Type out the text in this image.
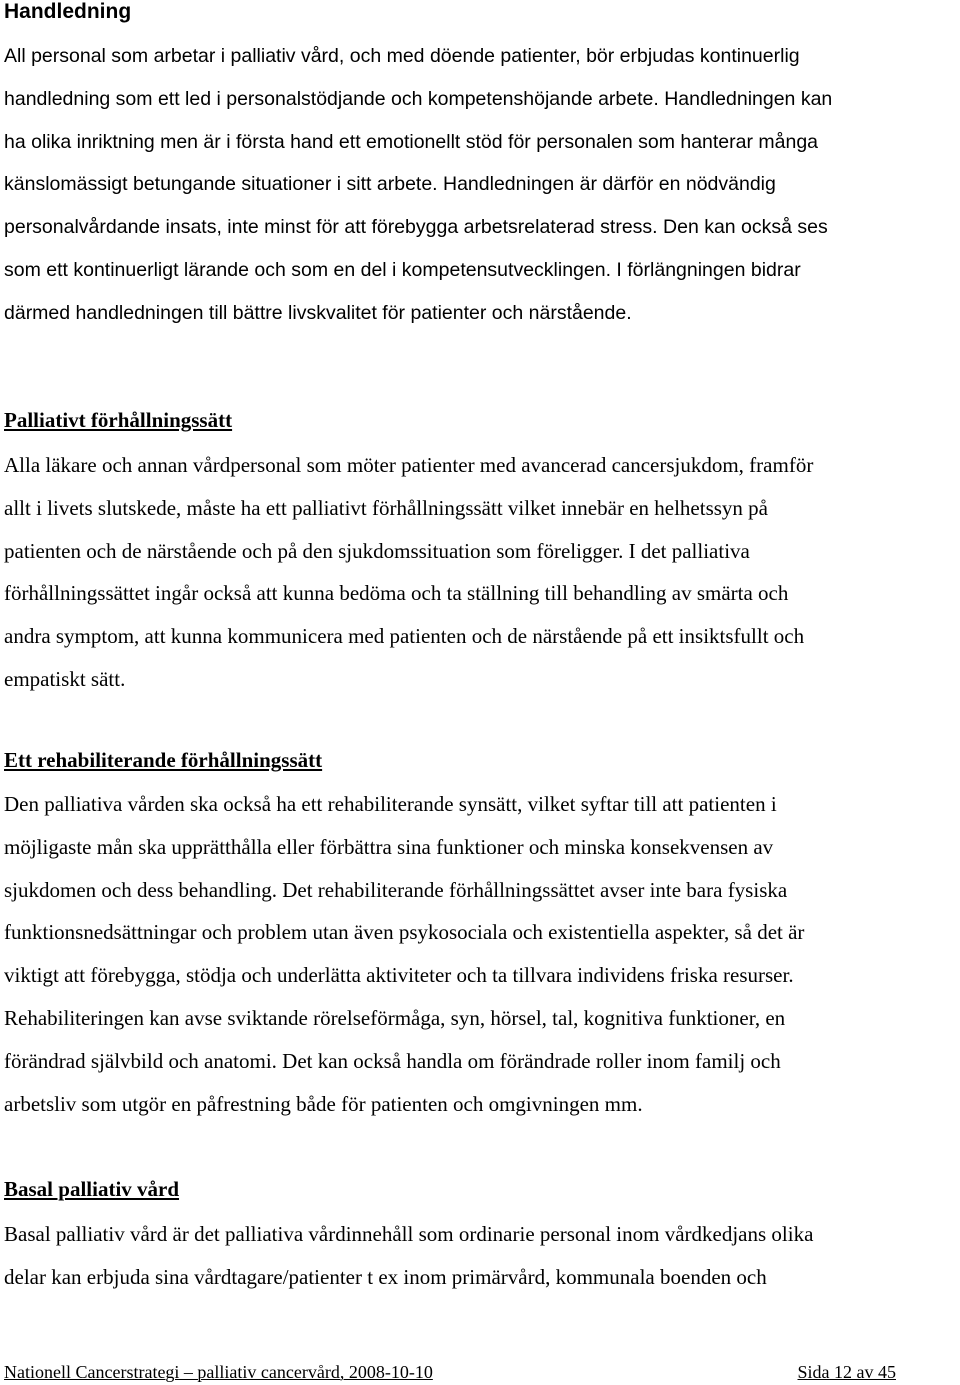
Handledning

All personal som arbetar i palliativ vård, och med döende patienter, bör erbjudas kontinuerlig
handledning som ett led i personalstödjande och kompetenshöjande arbete. Handledningen kan
ha olika inriktning men är i första hand ett emotionellt stöd för personalen som hanterar många
känslomässigt betungande situationer i sitt arbete. Handledningen är därför en nödvändig
personalvårdande insats, inte minst för att förebygga arbetsrelaterad stress. Den kan också ses
som ett kontinuerligt lärande och som en del i kompetensutvecklingen. I förlängningen bidrar
därmed handledningen till bättre livskvalitet för patienter och närstående.

Palliativt förhållningssätt

Alla läkare och annan vårdpersonal som möter patienter med avancerad cancersjukdom, framför
allt i livets slutskede, måste ha ett palliativt förhållningssätt vilket innebär en helhetssyn på
patienten och de närstående och på den sjukdomssituation som föreligger. I det palliativa
förhållningssättet ingår också att kunna bedöma och ta ställning till behandling av smärta och
andra symptom, att kunna kommunicera med patienten och de närstående på ett insiktsfullt och
empatiskt sätt.

Ett rehabiliterande förhållningssätt

Den palliativa vården ska också ha ett rehabiliterande synsätt, vilket syftar till att patienten i
möjligaste mån ska upprätthålla eller förbättra sina funktioner och minska konsekvensen av
sjukdomen och dess behandling. Det rehabiliterande förhållningssättet avser inte bara fysiska
funktionsnedsättningar och problem utan även psykosociala och existentiella aspekter, så det är
viktigt att förebygga, stödja och underlätta aktiviteter och ta tillvara individens friska resurser.
Rehabiliteringen kan avse sviktande rörelseförmåga, syn, hörsel, tal, kognitiva funktioner, en
förändrad självbild och anatomi. Det kan också handla om förändrade roller inom familj och
arbetsliv som utgör en påfrestning både för patienten och omgivningen mm.

Basal palliativ vård

Basal palliativ vård är det palliativa vårdinnehåll som ordinarie personal inom vårdkedjans olika
delar kan erbjuda sina vårdtagare/patienter t ex inom primärvård, kommunala boenden och

Nationell Cancerstrategi – palliativ cancervård, 2008-10-10	Sida 12 av 45
